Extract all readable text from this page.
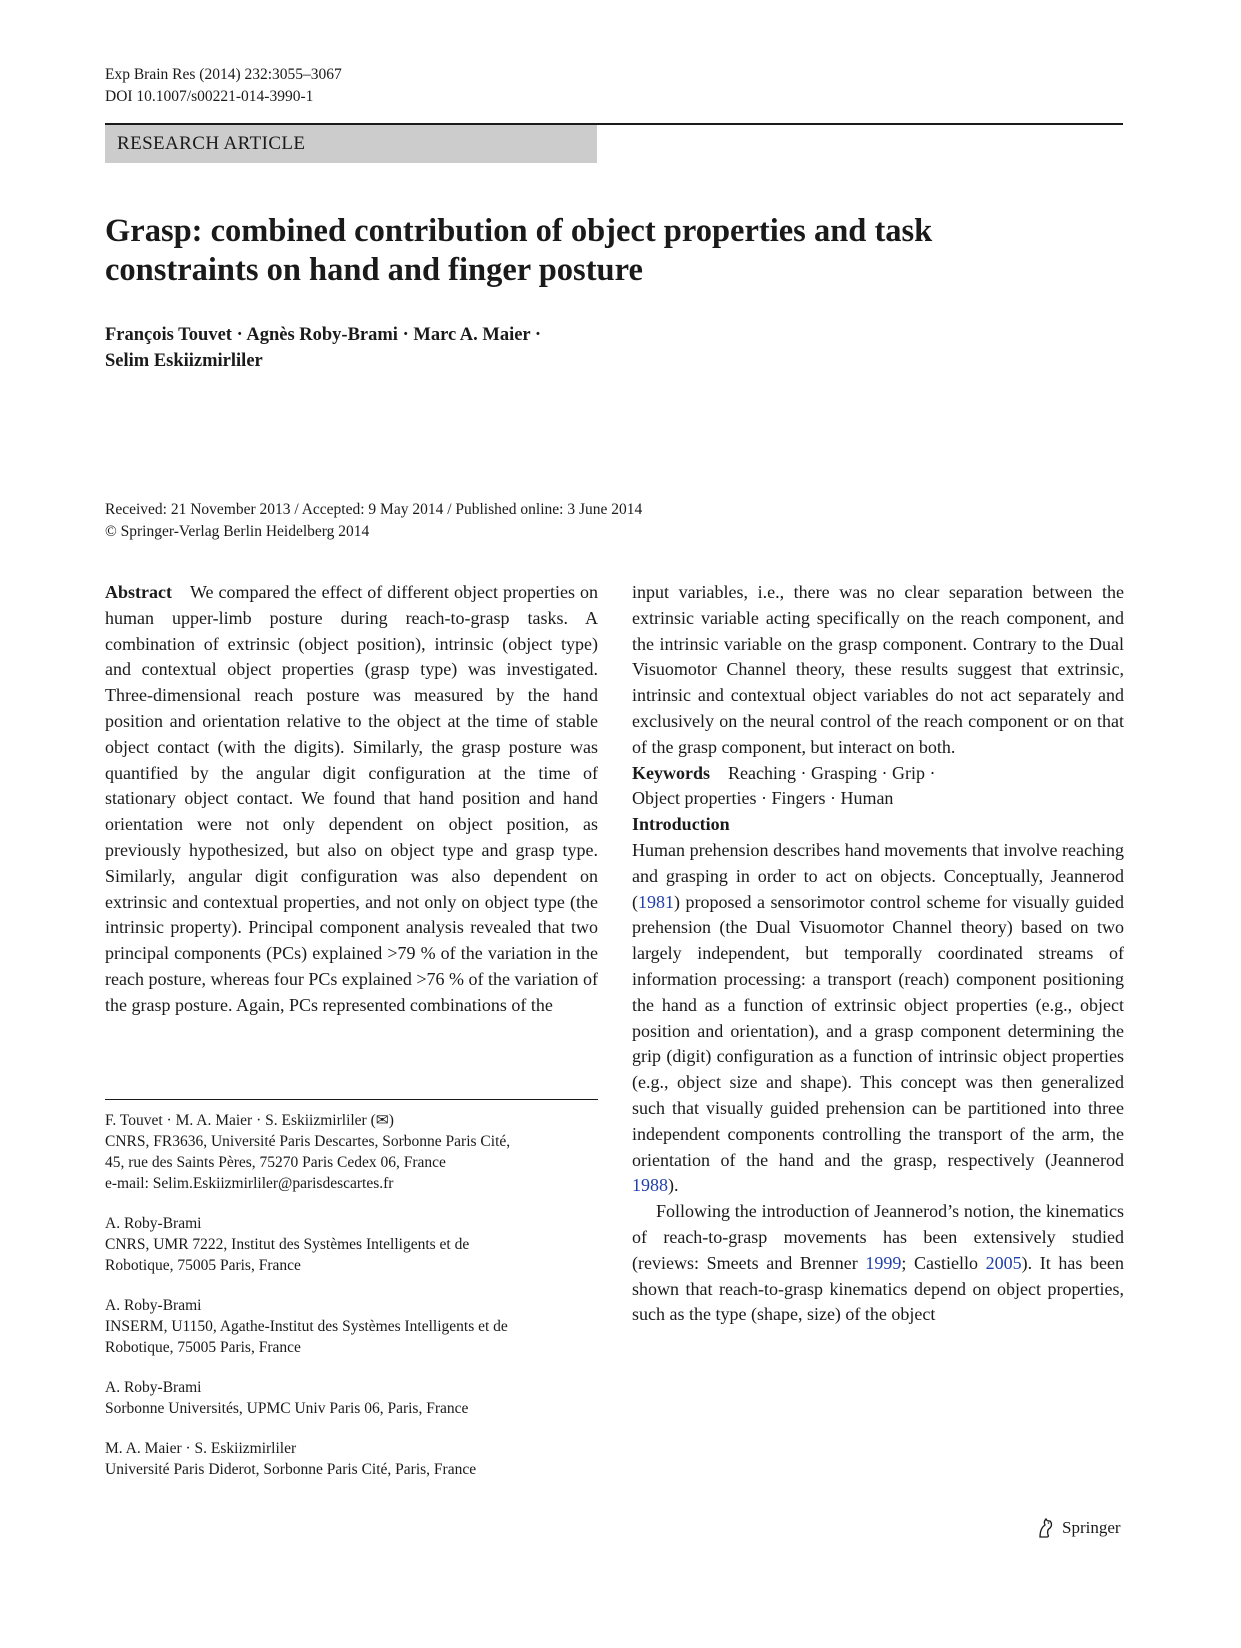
Exp Brain Res (2014) 232:3055–3067
DOI 10.1007/s00221-014-3990-1
RESEARCH ARTICLE
Grasp: combined contribution of object properties and task
constraints on hand and finger posture
François Touvet · Agnès Roby-Brami · Marc A. Maier ·
Selim Eskiizmirliler
Received: 21 November 2013 / Accepted: 9 May 2014 / Published online: 3 June 2014
© Springer-Verlag Berlin Heidelberg 2014

Abstract We compared the effect of different object properties on human upper-limb posture during reach-to-grasp tasks. A combination of extrinsic (object position), intrinsic (object type) and contextual object properties (grasp type) was investigated. Three-dimensional reach posture was measured by the hand position and orientation relative to the object at the time of stable object contact (with the digits). Similarly, the grasp posture was quantified by the angular digit configuration at the time of stationary object contact. We found that hand position and hand orientation were not only dependent on object position, as previously hypothesized, but also on object type and grasp type. Similarly, angular digit configuration was also dependent on extrinsic and contextual properties, and not only on object type (the intrinsic property). Principal component analysis revealed that two principal components (PCs) explained >79 % of the variation in the reach posture, whereas four PCs explained >76 % of the variation of the grasp posture. Again, PCs represented combinations of the

F. Touvet · M. A. Maier · S. Eskiizmirliler (✉)
CNRS, FR3636, Université Paris Descartes, Sorbonne Paris Cité,
45, rue des Saints Pères, 75270 Paris Cedex 06, France
e-mail: Selim.Eskiizmirliler@parisdescartes.fr
A. Roby-Brami
CNRS, UMR 7222, Institut des Systèmes Intelligents et de
Robotique, 75005 Paris, France
A. Roby-Brami
INSERM, U1150, Agathe-Institut des Systèmes Intelligents et de
Robotique, 75005 Paris, France
A. Roby-Brami
Sorbonne Universités, UPMC Univ Paris 06, Paris, France
M. A. Maier · S. Eskiizmirliler
Université Paris Diderot, Sorbonne Paris Cité, Paris, France

input variables, i.e., there was no clear separation between the extrinsic variable acting specifically on the reach component, and the intrinsic variable on the grasp component. Contrary to the Dual Visuomotor Channel theory, these results suggest that extrinsic, intrinsic and contextual object variables do not act separately and exclusively on the neural control of the reach component or on that of the grasp component, but interact on both.

Keywords Reaching · Grasping · Grip ·
Object properties · Fingers · Human

Introduction

Human prehension describes hand movements that involve reaching and grasping in order to act on objects. Conceptually, Jeannerod (1981) proposed a sensorimotor control scheme for visually guided prehension (the Dual Visuomotor Channel theory) based on two largely independent, but temporally coordinated streams of information processing: a transport (reach) component positioning the hand as a function of extrinsic object properties (e.g., object position and orientation), and a grasp component determining the grip (digit) configuration as a function of intrinsic object properties (e.g., object size and shape). This concept was then generalized such that visually guided prehension can be partitioned into three independent components controlling the transport of the arm, the orientation of the hand and the grasp, respectively (Jeannerod 1988).

Following the introduction of Jeannerod’s notion, the kinematics of reach-to-grasp movements has been extensively studied (reviews: Smeets and Brenner 1999; Castiello 2005). It has been shown that reach-to-grasp kinematics depend on object properties, such as the type (shape, size) of the object

Springer
